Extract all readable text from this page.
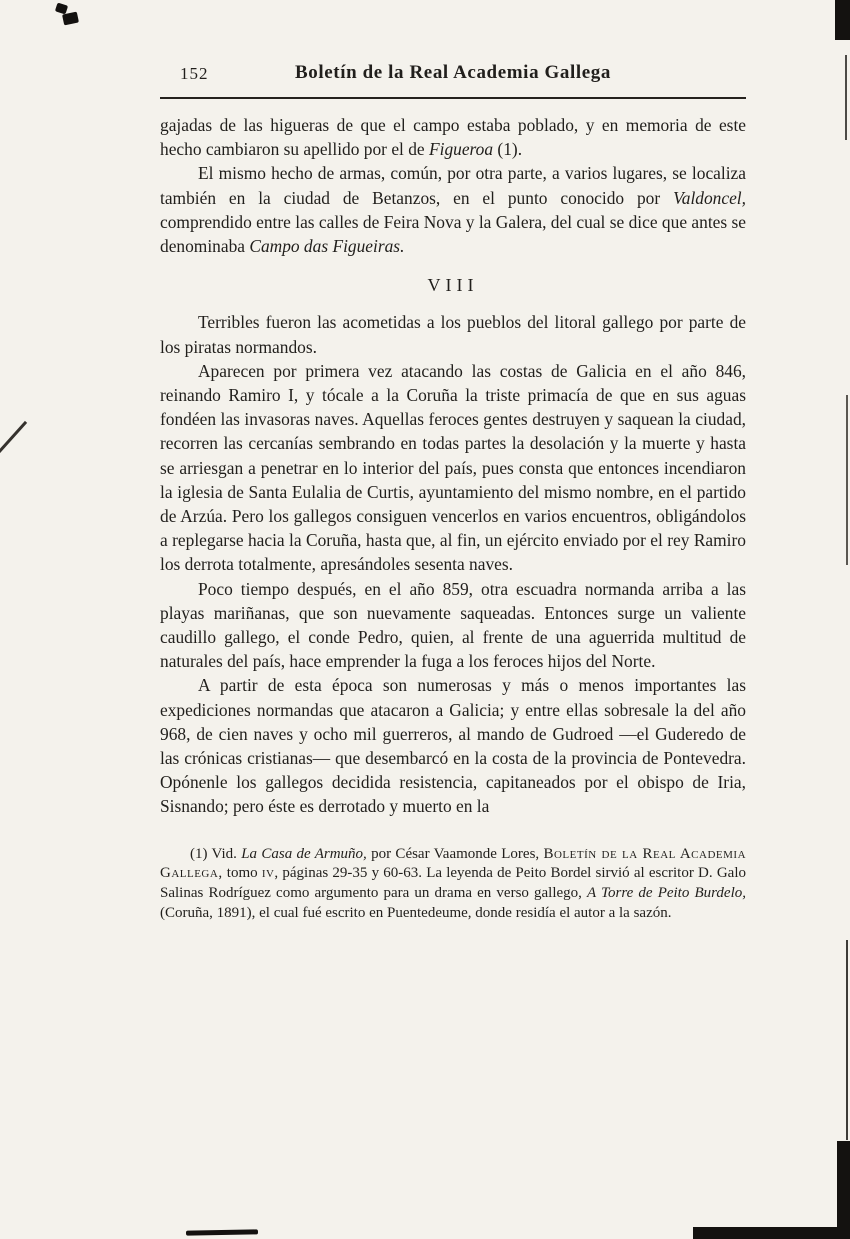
152	Boletín de la Real Academia Gallega

gajadas de las higueras de que el campo estaba poblado, y en memoria de este hecho cambiaron su apellido por el de Figueroa (1).

El mismo hecho de armas, común, por otra parte, a varios lugares, se localiza también en la ciudad de Betanzos, en el punto conocido por Valdoncel, comprendido entre las calles de Feira Nova y la Galera, del cual se dice que antes se denominaba Campo das Figueiras.

VIII

Terribles fueron las acometidas a los pueblos del litoral gallego por parte de los piratas normandos.

Aparecen por primera vez atacando las costas de Galicia en el año 846, reinando Ramiro I, y tócale a la Coruña la triste primacía de que en sus aguas fondéen las invasoras naves. Aquellas feroces gentes destruyen y saquean la ciudad, recorren las cercanías sembrando en todas partes la desolación y la muerte y hasta se arriesgan a penetrar en lo interior del país, pues consta que entonces incendiaron la iglesia de Santa Eulalia de Curtis, ayuntamiento del mismo nombre, en el partido de Arzúa. Pero los gallegos consiguen vencerlos en varios encuentros, obligándolos a replegarse hacia la Coruña, hasta que, al fin, un ejército enviado por el rey Ramiro los derrota totalmente, apresándoles sesenta naves.

Poco tiempo después, en el año 859, otra escuadra normanda arriba a las playas mariñanas, que son nuevamente saqueadas. Entonces surge un valiente caudillo gallego, el conde Pedro, quien, al frente de una aguerrida multitud de naturales del país, hace emprender la fuga a los feroces hijos del Norte.

A partir de esta época son numerosas y más o menos importantes las expediciones normandas que atacaron a Galicia; y entre ellas sobresale la del año 968, de cien naves y ocho mil guerreros, al mando de Gudroed —el Guderedo de las crónicas cristianas— que desembarcó en la costa de la provincia de Pontevedra. Opónenle los gallegos decidida resistencia, capitaneados por el obispo de Iria, Sisnando; pero éste es derrotado y muerto en la

(1) Vid. La Casa de Armuño, por César Vaamonde Lores, Boletín de la Real Academia Gallega, tomo iv, páginas 29-35 y 60-63. La leyenda de Peito Bordel sirvió al escritor D. Galo Salinas Rodríguez como argumento para un drama en verso gallego, A Torre de Peito Burdelo, (Coruña, 1891), el cual fué escrito en Puentedeume, donde residía el autor a la sazón.
